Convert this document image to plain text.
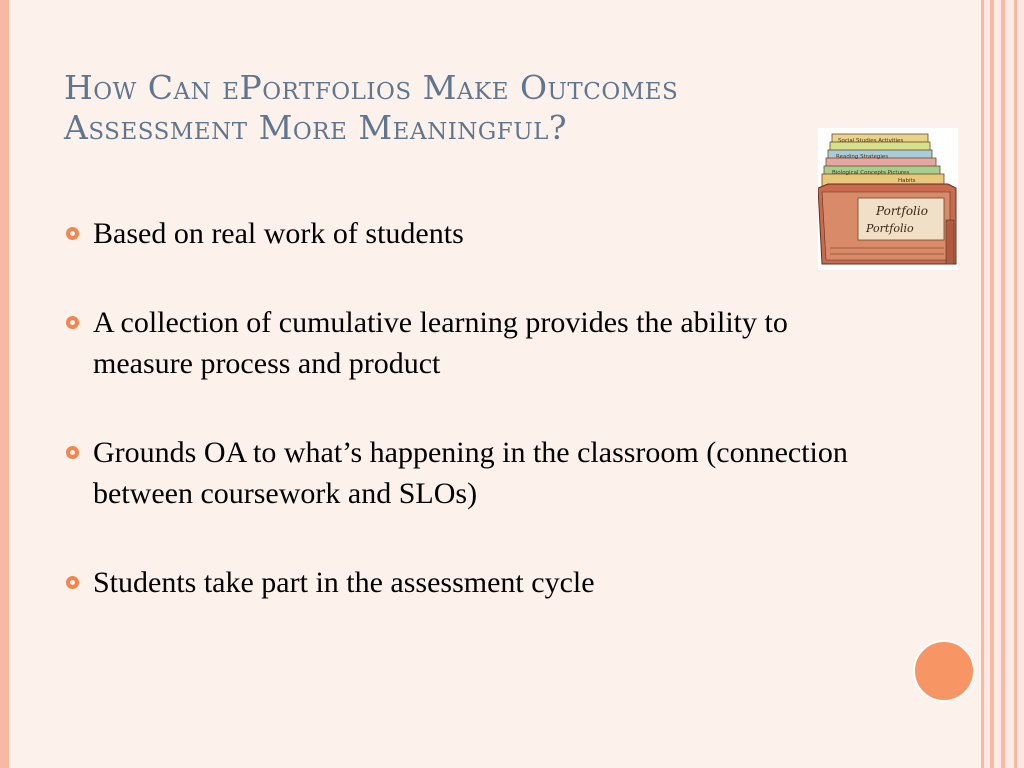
How Can ePortfolios Make Outcomes
Assessment More Meaningful?
Based on real work of students
A collection of cumulative learning provides the ability to measure process and product
Grounds OA to what’s happening in the classroom (connection between coursework and SLOs)
Students take part in the assessment cycle
Social Studies Activities
Reading Strategies
Biological Concepts Pictures
Habits
Portfolio
Portfolio
